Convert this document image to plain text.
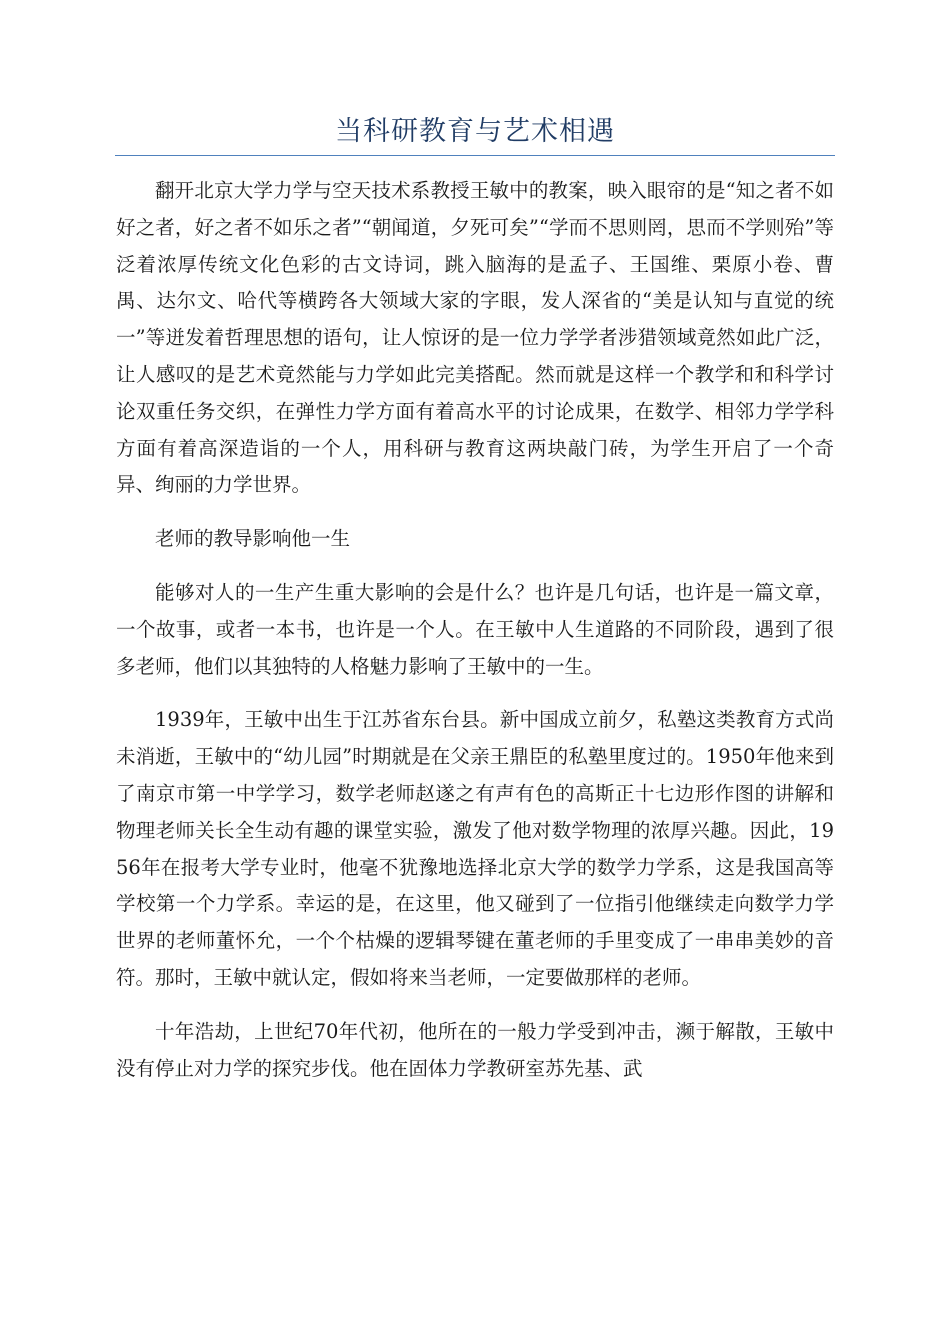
当科研教育与艺术相遇

翻开北京大学力学与空天技术系教授王敏中的教案，映入眼帘的是“知之者不如好之者，好之者不如乐之者”“朝闻道，夕死可矣”“学而不思则罔，思而不学则殆”等泛着浓厚传统文化色彩的古文诗词，跳入脑海的是孟子、王国维、栗原小卷、曹禺、达尔文、哈代等横跨各大领域大家的字眼，发人深省的“美是认知与直觉的统一”等迸发着哲理思想的语句，让人惊讶的是一位力学学者涉猎领域竟然如此广泛，让人感叹的是艺术竟然能与力学如此完美搭配。然而就是这样一个教学和和科学讨论双重任务交织，在弹性力学方面有着高水平的讨论成果，在数学、相邻力学学科方面有着高深造诣的一个人，用科研与教育这两块敲门砖，为学生开启了一个奇异、绚丽的力学世界。

老师的教导影响他一生

能够对人的一生产生重大影响的会是什么？也许是几句话，也许是一篇文章，一个故事，或者一本书，也许是一个人。在王敏中人生道路的不同阶段，遇到了很多老师，他们以其独特的人格魅力影响了王敏中的一生。

1939年，王敏中出生于江苏省东台县。新中国成立前夕，私塾这类教育方式尚未消逝，王敏中的“幼儿园”时期就是在父亲王鼎臣的私塾里度过的。1950年他来到了南京市第一中学学习，数学老师赵遂之有声有色的高斯正十七边形作图的讲解和物理老师关长全生动有趣的课堂实验，激发了他对数学物理的浓厚兴趣。因此，1956年在报考大学专业时，他毫不犹豫地选择北京大学的数学力学系，这是我国高等学校第一个力学系。幸运的是，在这里，他又碰到了一位指引他继续走向数学力学世界的老师董怀允，一个个枯燥的逻辑琴键在董老师的手里变成了一串串美妙的音符。那时，王敏中就认定，假如将来当老师，一定要做那样的老师。

十年浩劫，上世纪70年代初，他所在的一般力学受到冲击，濒于解散，王敏中没有停止对力学的探究步伐。他在固体力学教研室苏先基、武
